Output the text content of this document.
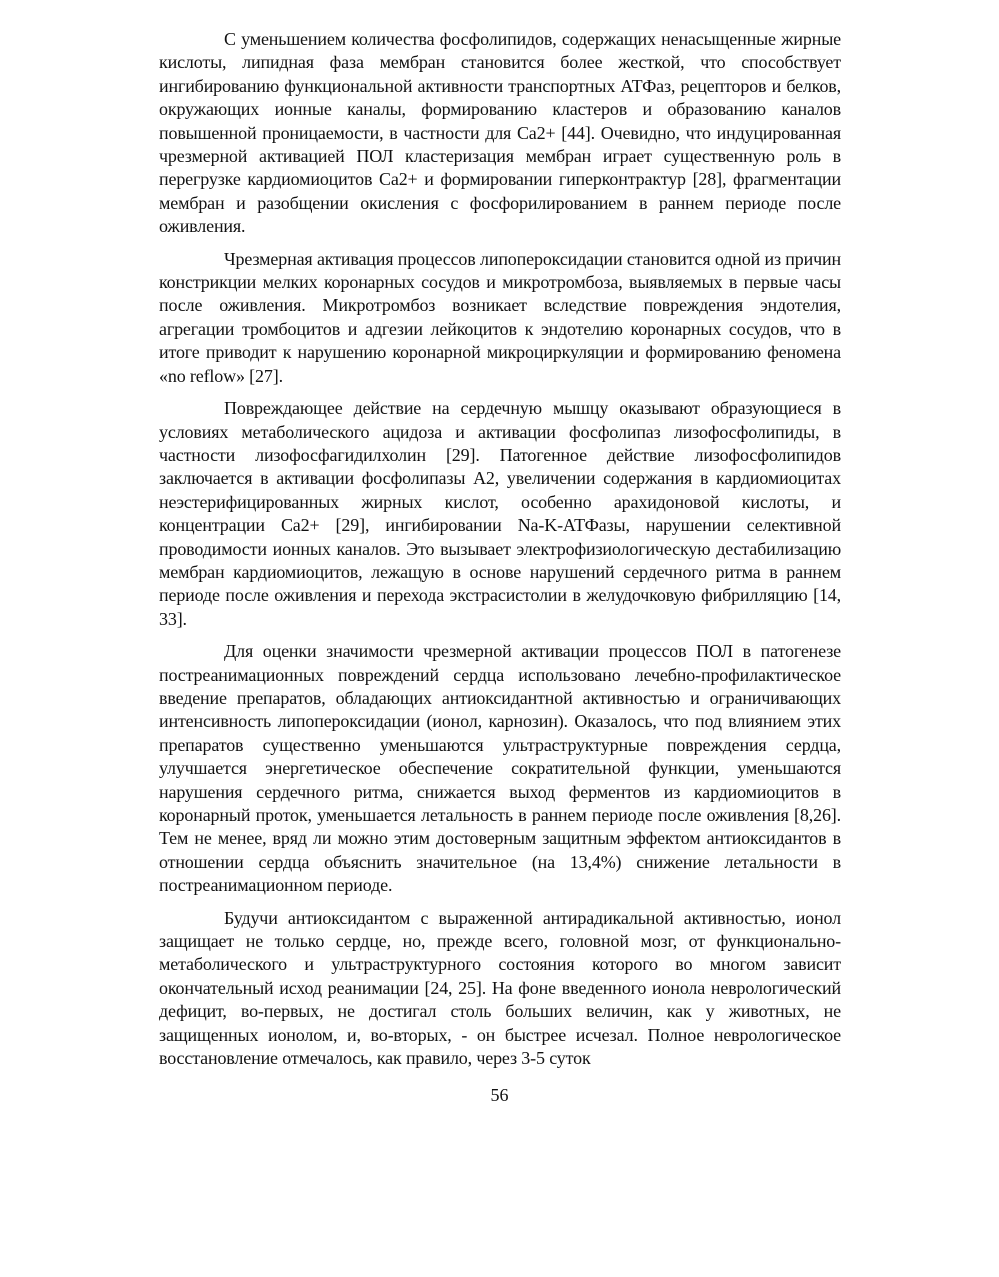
С уменьшением количества фосфолипидов, содержащих ненасыщенные жирные кислоты, липидная фаза мембран становится более жесткой, что способствует ингибированию функциональной активности транспортных АТФаз, рецепторов и белков, окружающих ионные каналы, формированию кластеров и образованию каналов повышенной проницаемости, в частности для Са2+ [44]. Очевидно, что индуцированная чрезмерной активацией ПОЛ кластеризация мембран играет существенную роль в перегрузке кардиомиоцитов Са2+ и формировании гиперконтрактур [28], фрагментации мембран и разобщении окисления с фосфорилированием в раннем периоде после оживления.

Чрезмерная активация процессов липопероксидации становится одной из причин констрикции мелких коронарных сосудов и микротромбоза, выявляемых в первые часы после оживления. Микротромбоз возникает вследствие повреждения эндотелия, агрегации тромбоцитов и адгезии лейкоцитов к эндотелию коронарных сосудов, что в итоге приводит к нарушению коронарной микроциркуляции и формированию феномена «no reflow» [27].

Повреждающее действие на сердечную мышцу оказывают образующиеся в условиях метаболического ацидоза и активации фосфолипаз лизофосфолипиды, в частности лизофосфагидилхолин [29]. Патогенное действие лизофосфолипидов заключается в активации фосфолипазы А2, увеличении содержания в кардиомиоцитах неэстерифицированных жирных кислот, особенно арахидоновой кислоты, и концентрации Са2+ [29], ингибировании Na-K-АТФазы, нарушении селективной проводимости ионных каналов. Это вызывает электрофизиологическую дестабилизацию мембран кардиомиоцитов, лежащую в основе нарушений сердечного ритма в раннем периоде после оживления и перехода экстрасистолии в желудочковую фибрилляцию [14, 33].

Для оценки значимости чрезмерной активации процессов ПОЛ в патогенезе постреанимационных повреждений сердца использовано лечебно-профилактическое введение препаратов, обладающих антиоксидантной активностью и ограничивающих интенсивность липопероксидации (ионол, карнозин). Оказалось, что под влиянием этих препаратов существенно уменьшаются ультраструктурные повреждения сердца, улучшается энергетическое обеспечение сократительной функции, уменьшаются нарушения сердечного ритма, снижается выход ферментов из кардиомиоцитов в коронарный проток, уменьшается летальность в раннем периоде после оживления [8,26]. Тем не менее, вряд ли можно этим достоверным защитным эффектом антиоксидантов в отношении сердца объяснить значительное (на 13,4%) снижение летальности в постреанимационном периоде.

Будучи антиоксидантом с выраженной антирадикальной активностью, ионол защищает не только сердце, но, прежде всего, головной мозг, от функционально-метаболического и ультраструктурного состояния которого во многом зависит окончательный исход реанимации [24, 25]. На фоне введенного ионола неврологический дефицит, во-первых, не достигал столь больших величин, как у животных, не защищенных ионолом, и, во-вторых, - он быстрее исчезал. Полное неврологическое восстановление отмечалось, как правило, через 3-5 суток

56
